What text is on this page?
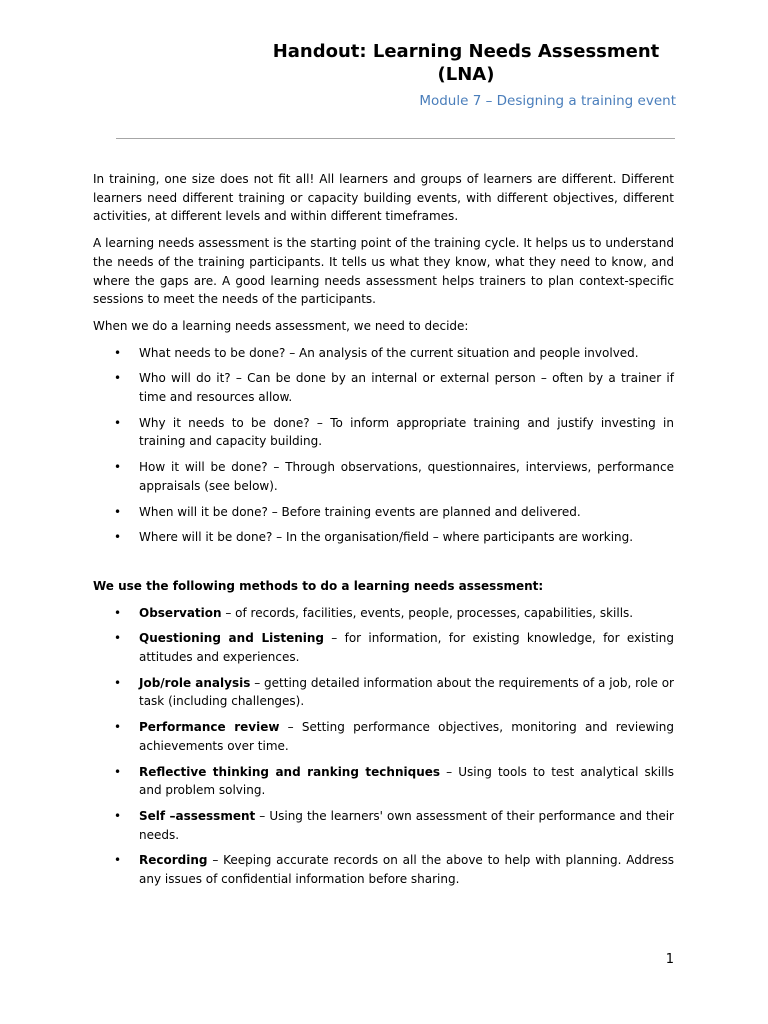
Handout: Learning Needs Assessment (LNA)
Module 7 – Designing a training event

In training, one size does not fit all! All learners and groups of learners are different. Different learners need different training or capacity building events, with different objectives, different activities, at different levels and within different timeframes.

A learning needs assessment is the starting point of the training cycle. It helps us to understand the needs of the training participants. It tells us what they know, what they need to know, and where the gaps are. A good learning needs assessment helps trainers to plan context-specific sessions to meet the needs of the participants.

When we do a learning needs assessment, we need to decide:

• What needs to be done? – An analysis of the current situation and people involved.
• Who will do it? – Can be done by an internal or external person – often by a trainer if time and resources allow.
• Why it needs to be done? – To inform appropriate training and justify investing in training and capacity building.
• How it will be done? – Through observations, questionnaires, interviews, performance appraisals (see below).
• When will it be done? – Before training events are planned and delivered.
• Where will it be done? – In the organisation/field – where participants are working.

We use the following methods to do a learning needs assessment:

• Observation – of records, facilities, events, people, processes, capabilities, skills.
• Questioning and Listening – for information, for existing knowledge, for existing attitudes and experiences.
• Job/role analysis – getting detailed information about the requirements of a job, role or task (including challenges).
• Performance review – Setting performance objectives, monitoring and reviewing achievements over time.
• Reflective thinking and ranking techniques – Using tools to test analytical skills and problem solving.
• Self –assessment – Using the learners' own assessment of their performance and their needs.
• Recording – Keeping accurate records on all the above to help with planning. Address any issues of confidential information before sharing.
1
